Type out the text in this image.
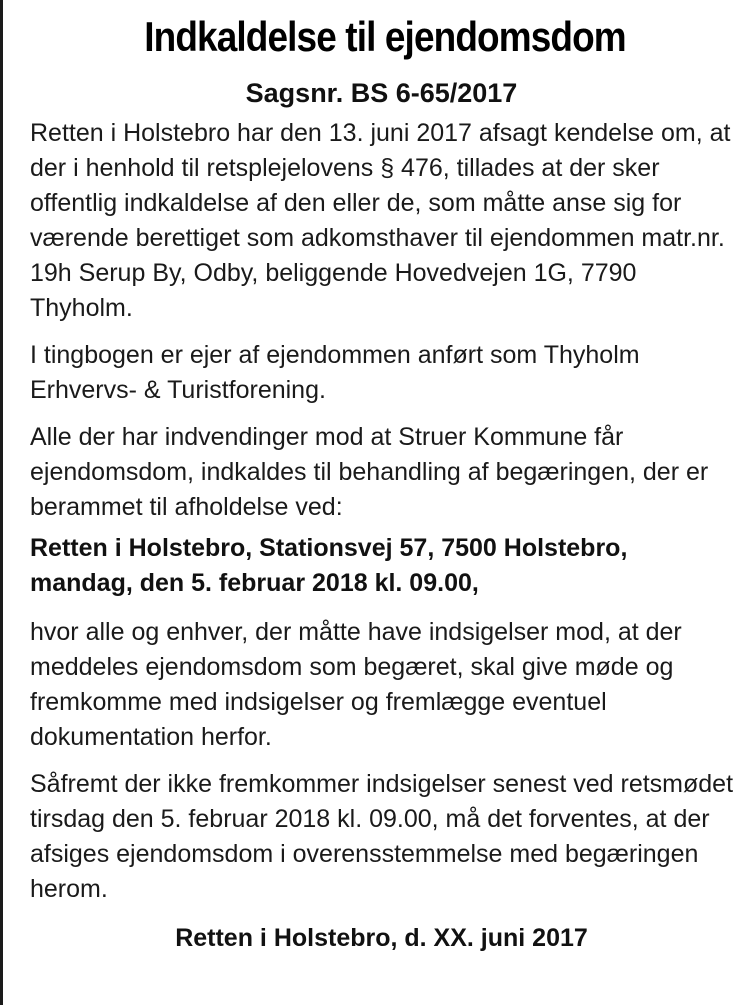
Indkaldelse til ejendomsdom
Sagsnr. BS 6-65/2017

Retten i Holstebro har den 13. juni 2017 afsagt kendelse om, at der i henhold til retsplejelovens § 476, tillades at der sker offentlig indkaldelse af den eller de, som måtte anse sig for værende berettiget som adkomsthaver til ejendommen matr.nr. 19h Serup By, Odby, beliggende Hovedvejen 1G, 7790 Thyholm.

I tingbogen er ejer af ejendommen anført som Thyholm Erhvervs- & Turistforening.

Alle der har indvendinger mod at Struer Kommune får ejendomsdom, indkaldes til behandling af begæringen, der er berammet til afholdelse ved:

Retten i Holstebro, Stationsvej 57, 7500 Holstebro, mandag, den 5. februar 2018 kl. 09.00,

hvor alle og enhver, der måtte have indsigelser mod, at der meddeles ejendomsdom som begæret, skal give møde og fremkomme med indsigelser og fremlægge eventuel dokumentation herfor.

Såfremt der ikke fremkommer indsigelser senest ved retsmødet tirsdag den 5. februar 2018 kl. 09.00, må det forventes, at der afsiges ejendomsdom i overensstemmelse med begæringen herom.

Retten i Holstebro, d. XX. juni 2017
